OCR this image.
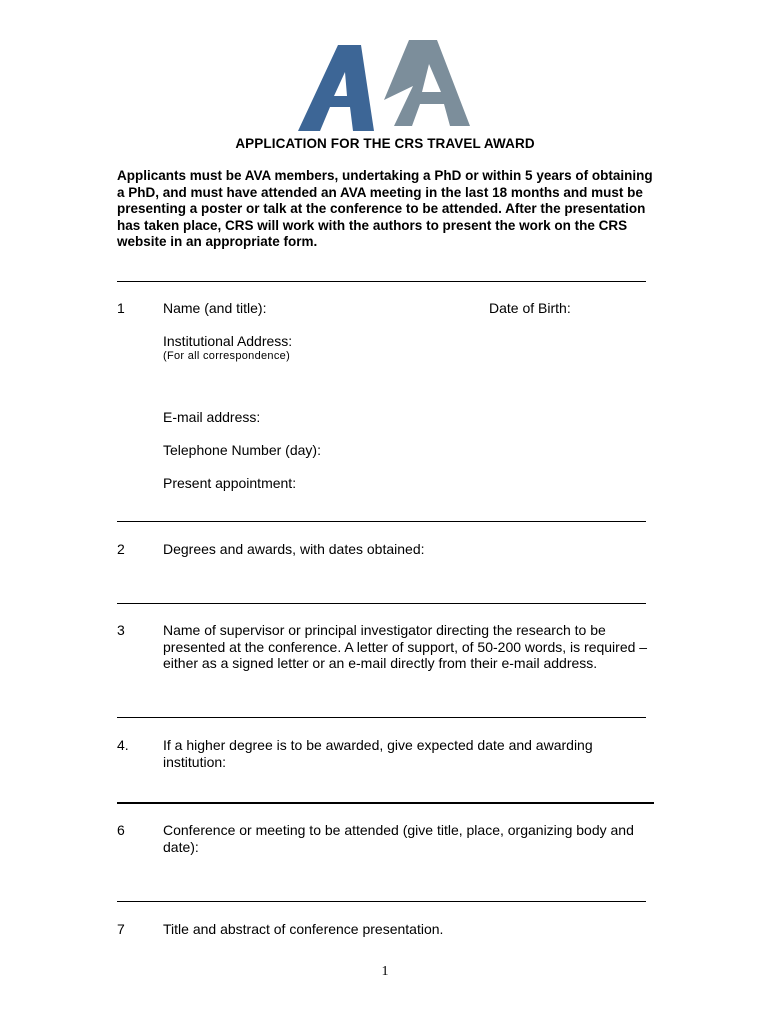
APPLICATION FOR THE CRS TRAVEL AWARD
Applicants must be AVA members, undertaking a PhD or within 5 years of obtaining a PhD, and must have attended an AVA meeting in the last 18 months and must be presenting a poster or talk at the conference to be attended. After the presentation has taken place, CRS will work with the authors to present the work on the CRS website in an appropriate form.
1	Name (and title):	Date of Birth:
Institutional Address:
(For all correspondence)
E-mail address:
Telephone Number (day):
Present appointment:
2	Degrees and awards, with dates obtained:
3	Name of supervisor or principal investigator directing the research to be presented at the conference. A letter of support, of 50-200 words, is required – either as a signed letter or an e-mail directly from their e-mail address.
4. If a higher degree is to be awarded, give expected date and awarding institution:
6	Conference or meeting to be attended (give title, place, organizing body and date):
7	Title and abstract of conference presentation.
1
